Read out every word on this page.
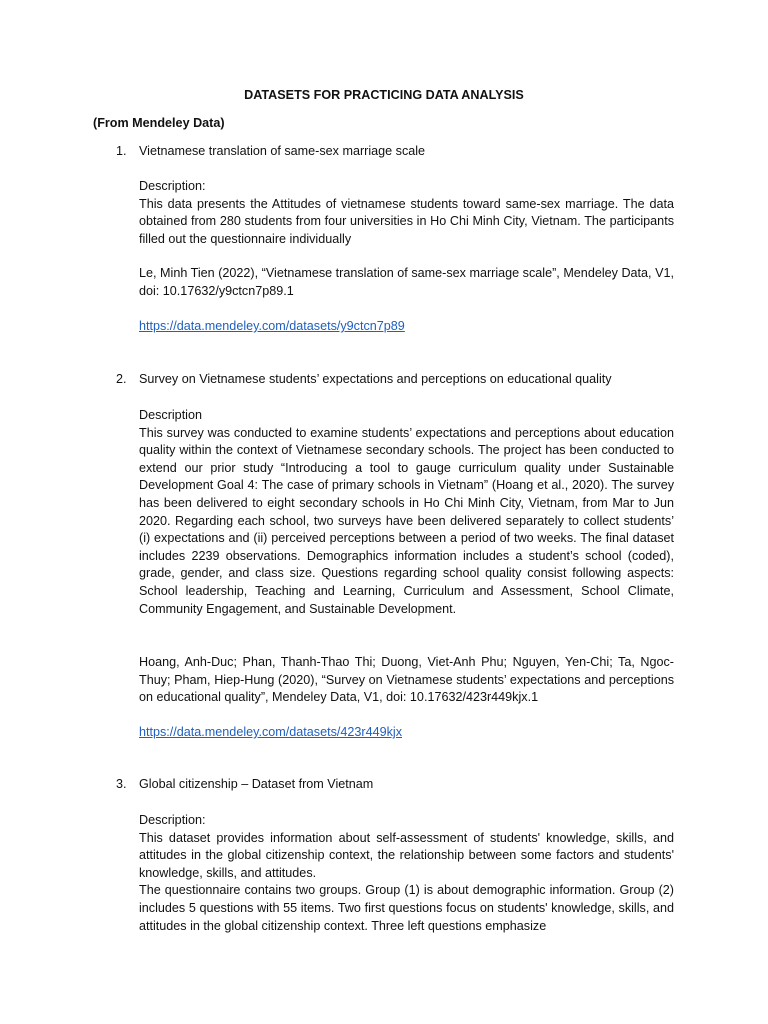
DATASETS FOR PRACTICING DATA ANALYSIS
(From Mendeley Data)
1. Vietnamese translation of same-sex marriage scale

Description:

This data presents the Attitudes of vietnamese students toward same-sex marriage. The data obtained from 280 students from four universities in Ho Chi Minh City, Vietnam. The participants filled out the questionnaire individually

Le, Minh Tien (2022), “Vietnamese translation of same-sex marriage scale”, Mendeley Data, V1, doi: 10.17632/y9ctcn7p89.1
https://data.mendeley.com/datasets/y9ctcn7p89
2. Survey on Vietnamese students’ expectations and perceptions on educational quality

Description

This survey was conducted to examine students’ expectations and perceptions about education quality within the context of Vietnamese secondary schools. The project has been conducted to extend our prior study “Introducing a tool to gauge curriculum quality under Sustainable Development Goal 4: The case of primary schools in Vietnam” (Hoang et al., 2020). The survey has been delivered to eight secondary schools in Ho Chi Minh City, Vietnam, from Mar to Jun 2020. Regarding each school, two surveys have been delivered separately to collect students’ (i) expectations and (ii) perceived perceptions between a period of two weeks. The final dataset includes 2239 observations. Demographics information includes a student’s school (coded), grade, gender, and class size. Questions regarding school quality consist following aspects: School leadership, Teaching and Learning, Curriculum and Assessment, School Climate, Community Engagement, and Sustainable Development.

Hoang, Anh-Duc; Phan, Thanh-Thao Thi; Duong, Viet-Anh Phu; Nguyen, Yen-Chi; Ta, Ngoc-Thuy; Pham, Hiep-Hung (2020), “Survey on Vietnamese students’ expectations and perceptions on educational quality”, Mendeley Data, V1, doi: 10.17632/423r449kjx.1
https://data.mendeley.com/datasets/423r449kjx
3. Global citizenship – Dataset from Vietnam

Description:

This dataset provides information about self-assessment of students' knowledge, skills, and attitudes in the global citizenship context, the relationship between some factors and students' knowledge, skills, and attitudes.

The questionnaire contains two groups. Group (1) is about demographic information. Group (2) includes 5 questions with 55 items. Two first questions focus on students' knowledge, skills, and attitudes in the global citizenship context. Three left questions emphasize
